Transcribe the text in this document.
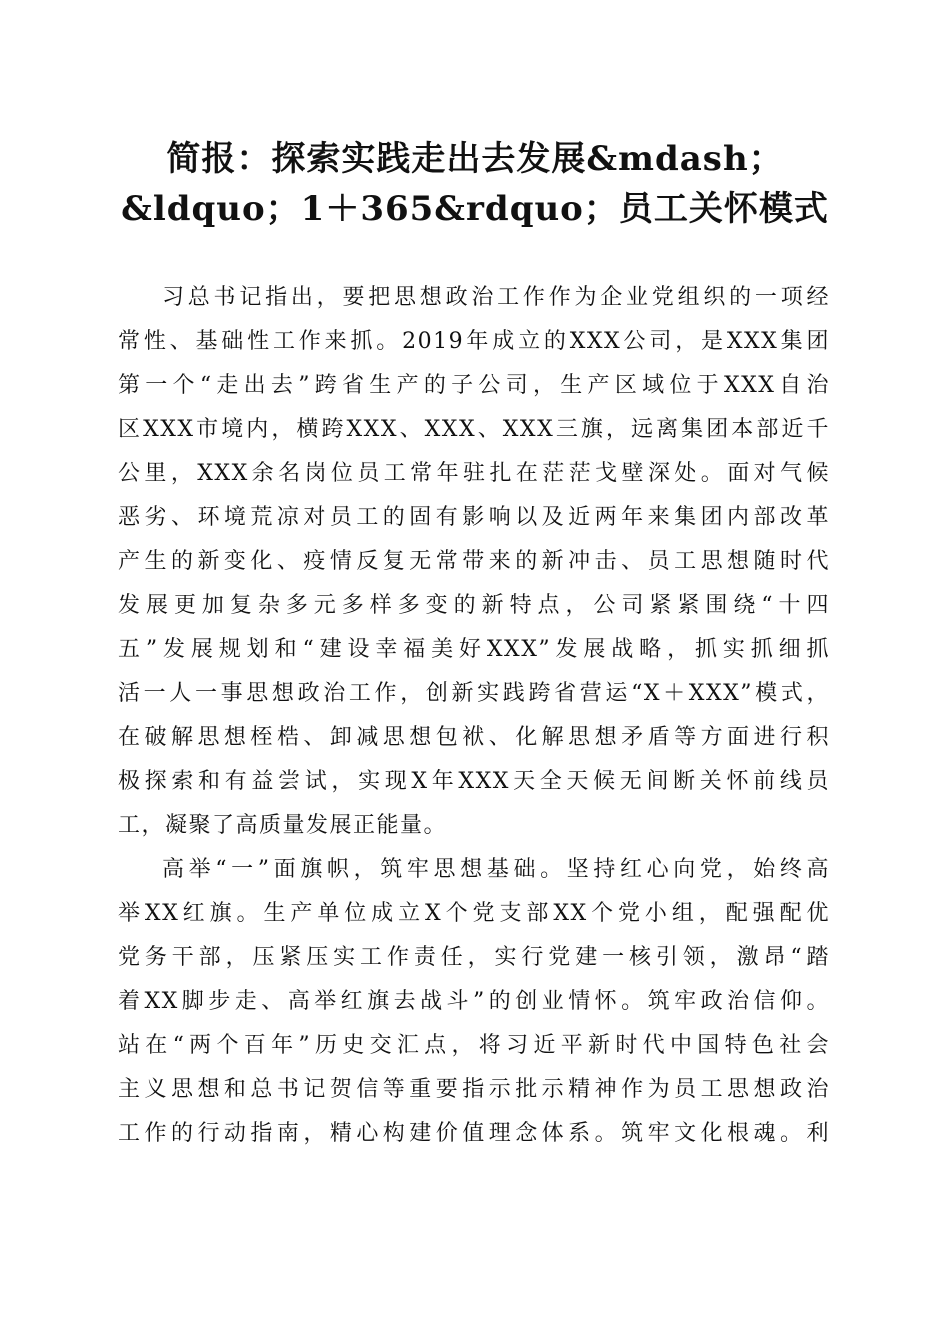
简报：探索实践走出去发展&mdash；
&ldquo；1＋365&rdquo；员工关怀模式
习总书记指出，要把思想政治工作作为企业党组织的一项经
常性、基础性工作来抓。2019年成立的XXX公司，是XXX集团
第一个“走出去”跨省生产的子公司，生产区域位于XXX自治
区XXX市境内，横跨XXX、XXX、XXX三旗，远离集团本部近千
公里，XXX余名岗位员工常年驻扎在茫茫戈壁深处。面对气候
恶劣、环境荒凉对员工的固有影响以及近两年来集团内部改革
产生的新变化、疫情反复无常带来的新冲击、员工思想随时代
发展更加复杂多元多样多变的新特点，公司紧紧围绕“十四
五”发展规划和“建设幸福美好XXX”发展战略，抓实抓细抓
活一人一事思想政治工作，创新实践跨省营运“X＋XXX”模式，
在破解思想桎梏、卸减思想包袱、化解思想矛盾等方面进行积
极探索和有益尝试，实现X年XXX天全天候无间断关怀前线员
工，凝聚了高质量发展正能量。
高举“一”面旗帜，筑牢思想基础。坚持红心向党，始终高
举XX红旗。生产单位成立X个党支部XX个党小组，配强配优
党务干部，压紧压实工作责任，实行党建一核引领，激昂“踏
着XX脚步走、高举红旗去战斗”的创业情怀。筑牢政治信仰。
站在“两个百年”历史交汇点，将习近平新时代中国特色社会
主义思想和总书记贺信等重要指示批示精神作为员工思想政治
工作的行动指南，精心构建价值理念体系。筑牢文化根魂。利
